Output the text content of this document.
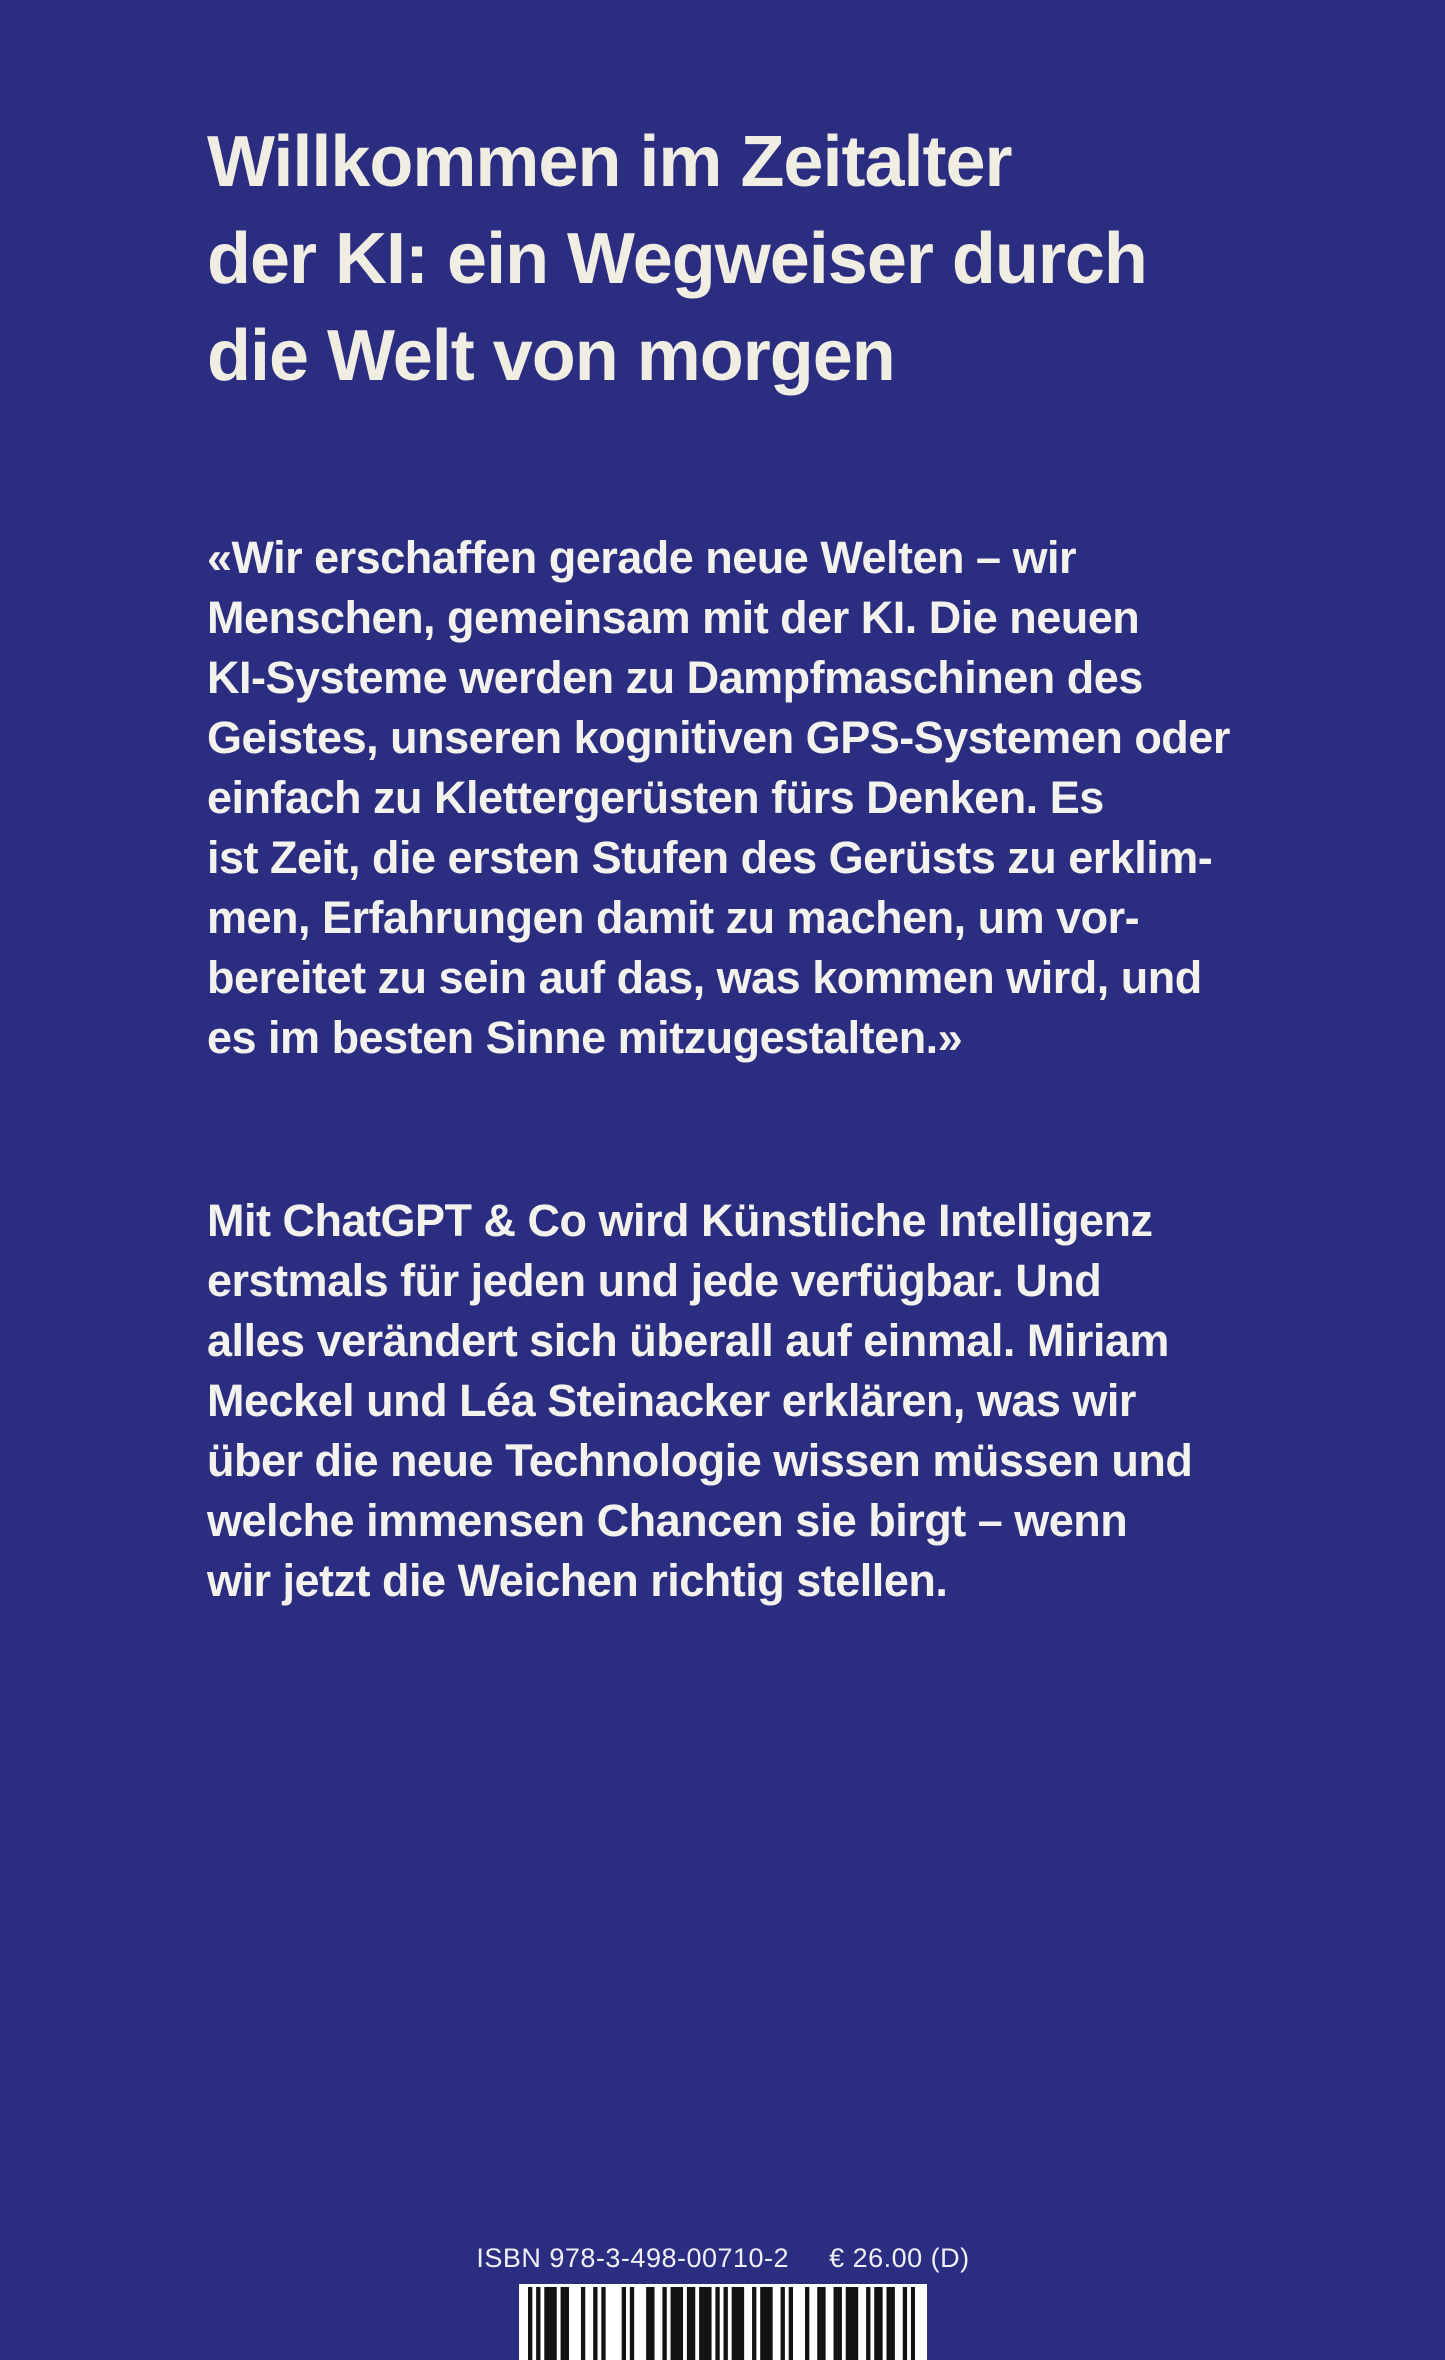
Willkommen im Zeitalter
der KI: ein Wegweiser durch
die Welt von morgen
«Wir erschaffen gerade neue Welten – wir
Menschen, gemeinsam mit der KI. Die neuen
KI-Systeme werden zu Dampfmaschinen des
Geistes, unseren kognitiven GPS-Systemen oder
einfach zu Klettergerüsten fürs Denken. Es
ist Zeit, die ersten Stufen des Gerüsts zu erklim-
men, Erfahrungen damit zu machen, um vor-
bereitet zu sein auf das, was kommen wird, und
es im besten Sinne mitzugestalten.»
Mit ChatGPT & Co wird Künstliche Intelligenz
erstmals für jeden und jede verfügbar. Und
alles verändert sich überall auf einmal. Miriam
Meckel und Léa Steinacker erklären, was wir
über die neue Technologie wissen müssen und
welche immensen Chancen sie birgt – wenn
wir jetzt die Weichen richtig stellen.
ISBN 978-3-498-00710-2 € 26.00 (D)
